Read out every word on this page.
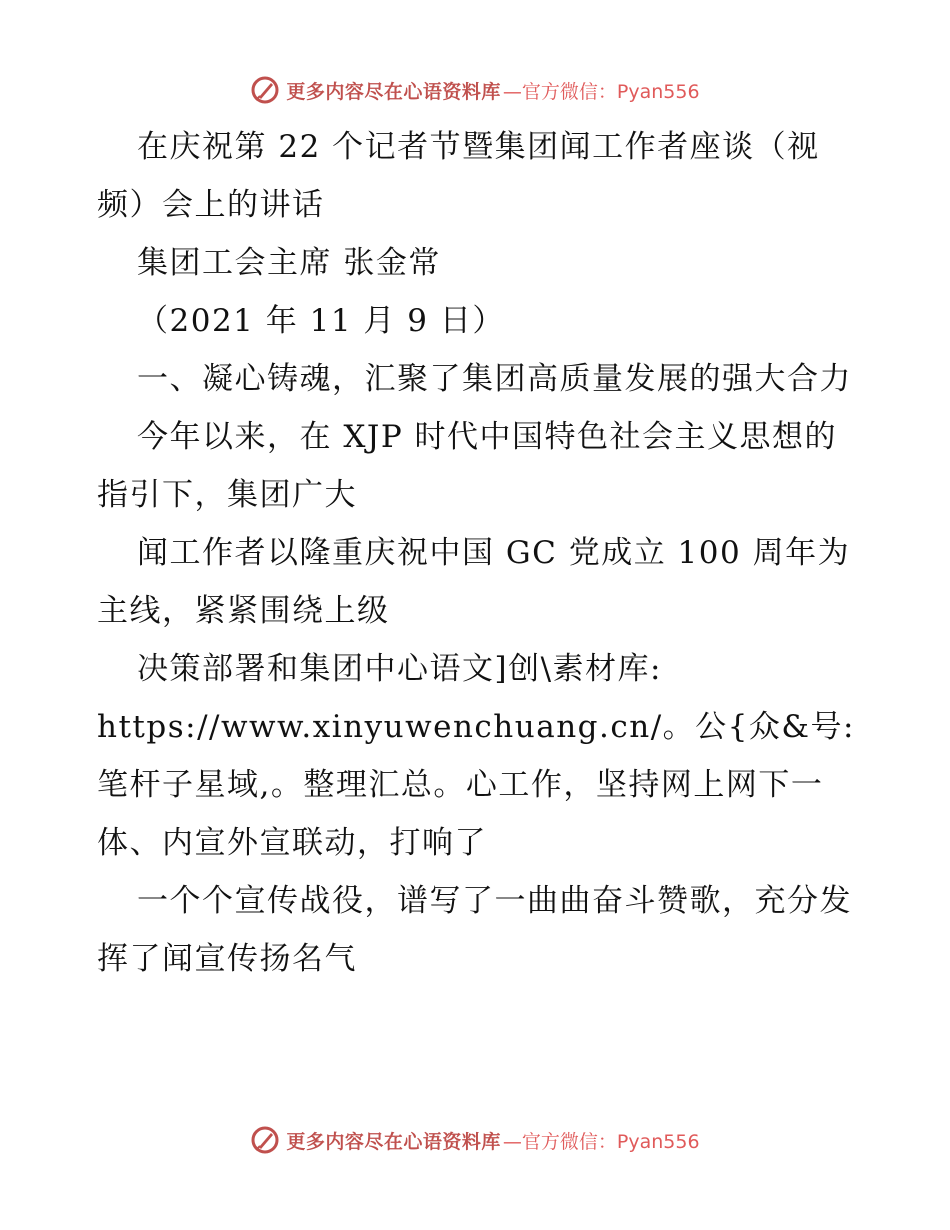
更多内容尽在心语资料库 —官方微信：Pyan556

在庆祝第 22 个记者节暨集团闻工作者座谈（视频）会上的讲话

集团工会主席 张金常

（2021 年 11 月 9 日）

一、凝心铸魂，汇聚了集团高质量发展的强大合力

今年以来，在 XJP 时代中国特色社会主义思想的指引下，集团广大

闻工作者以隆重庆祝中国 GC 党成立 100 周年为主线，紧紧围绕上级

决策部署和集团中心语文]创\素材库:

https://www.xinyuwenchuang.cn/。公{众&号: 笔杆子星域,。整理汇总。心工作，坚持网上网下一体、内宣外宣联动，打响了

一个个宣传战役，谱写了一曲曲奋斗赞歌，充分发挥了闻宣传扬名气

更多内容尽在心语资料库 —官方微信：Pyan556
